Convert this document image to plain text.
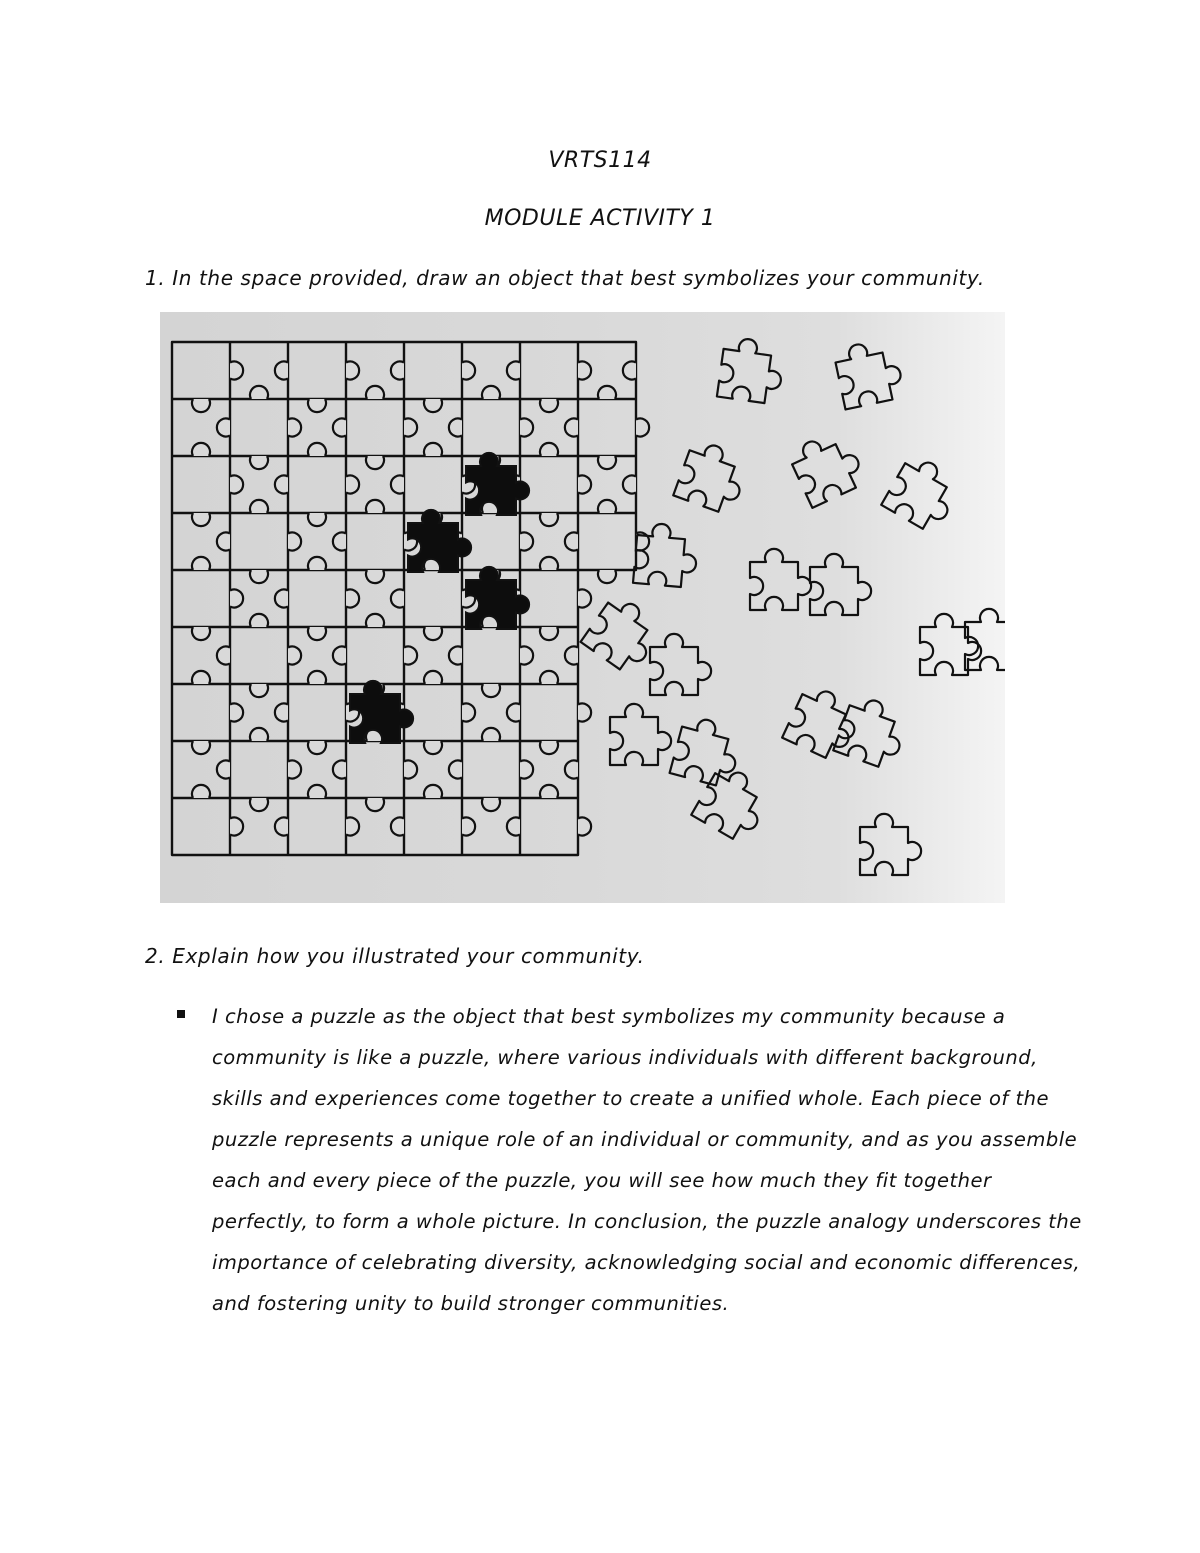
VRTS114
MODULE ACTIVITY 1
1. In the space provided, draw an object that best symbolizes your community.
2. Explain how you illustrated your community.

I chose a puzzle as the object that best symbolizes my community because a community is like a puzzle, where various individuals with different background, skills and experiences come together to create a unified whole. Each piece of the puzzle represents a unique role of an individual or community, and as you assemble each and every piece of the puzzle, you will see how much they fit together perfectly, to form a whole picture. In conclusion, the puzzle analogy underscores the importance of celebrating diversity, acknowledging social and economic differences, and fostering unity to build stronger communities.
